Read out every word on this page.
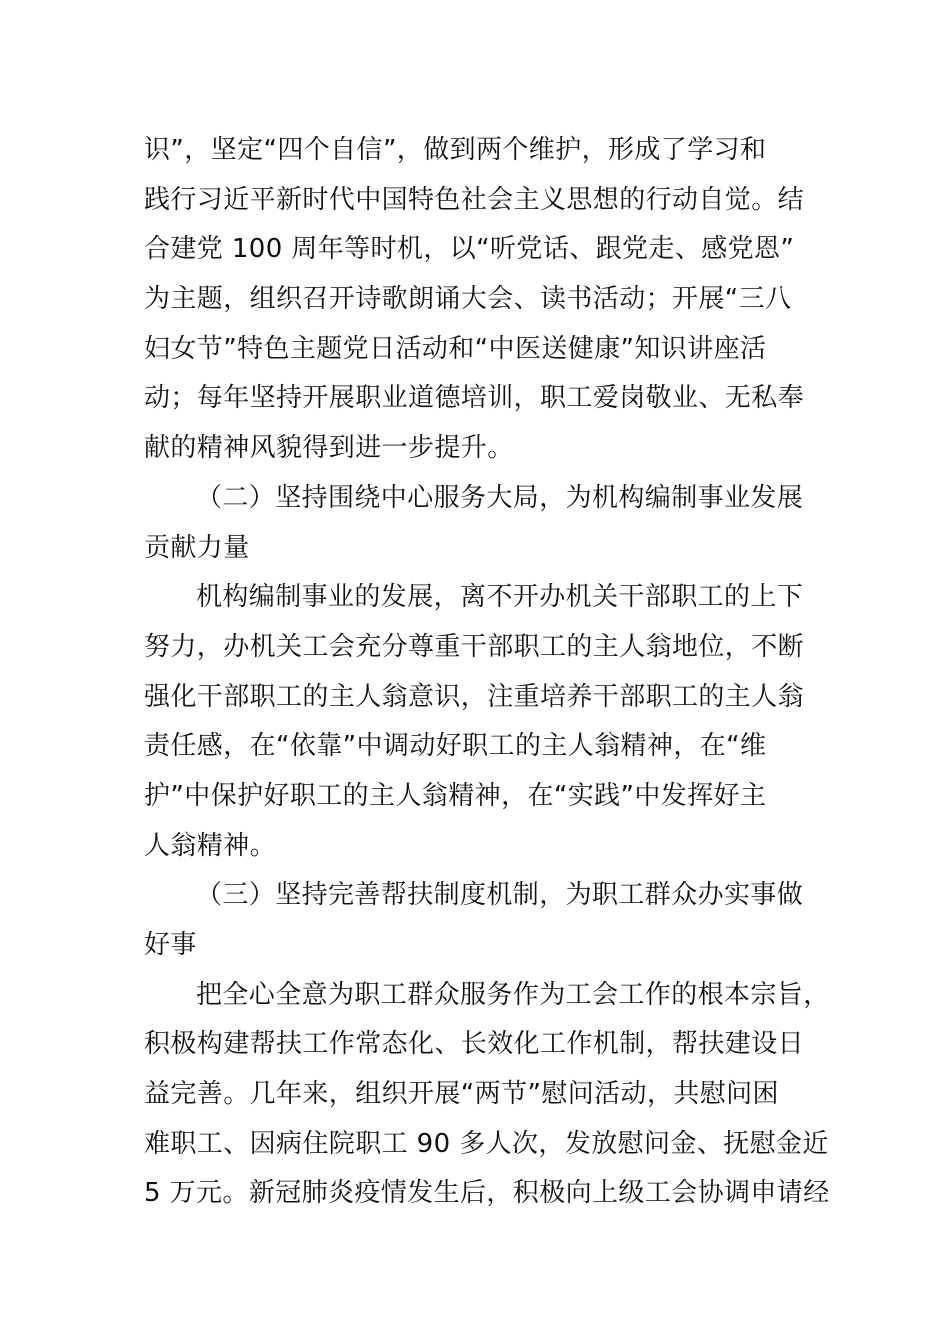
识”，坚定“四个自信”，做到两个维护，形成了学习和
践行习近平新时代中国特色社会主义思想的行动自觉。结
合建党 100 周年等时机，以“听党话、跟党走、感党恩”
为主题，组织召开诗歌朗诵大会、读书活动；开展“三八
妇女节”特色主题党日活动和“中医送健康”知识讲座活
动；每年坚持开展职业道德培训，职工爱岗敬业、无私奉
献的精神风貌得到进一步提升。
（二）坚持围绕中心服务大局，为机构编制事业发展
贡献力量
机构编制事业的发展，离不开办机关干部职工的上下
努力，办机关工会充分尊重干部职工的主人翁地位，不断
强化干部职工的主人翁意识，注重培养干部职工的主人翁
责任感，在“依靠”中调动好职工的主人翁精神，在“维
护”中保护好职工的主人翁精神，在“实践”中发挥好主
人翁精神。
（三）坚持完善帮扶制度机制，为职工群众办实事做
好事
把全心全意为职工群众服务作为工会工作的根本宗旨，
积极构建帮扶工作常态化、长效化工作机制，帮扶建设日
益完善。几年来，组织开展“两节”慰问活动，共慰问困
难职工、因病住院职工 90 多人次，发放慰问金、抚慰金近
5 万元。新冠肺炎疫情发生后，积极向上级工会协调申请经
